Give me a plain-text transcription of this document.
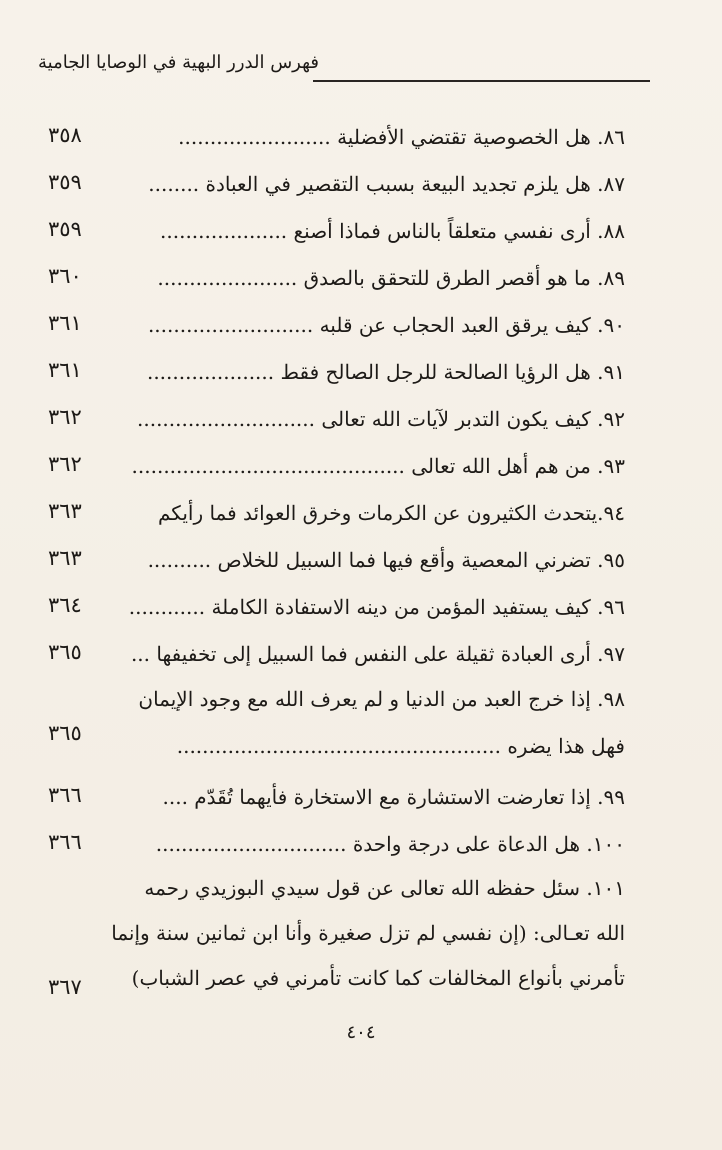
فهرس الدرر البهية في الوصايا الجامية
٨٦. هل الخصوصية تقتضي الأفضلية ........................
٣٥٨
٨٧. هل يلزم تجديد البيعة بسبب التقصير في العبادة ........
٣٥٩
٨٨. أرى نفسي متعلقاً بالناس فماذا أصنع ....................
٣٥٩
٨٩. ما هو أقصر الطرق للتحقق بالصدق ......................
٣٦٠
٩٠. كيف يرقق العبد الحجاب عن قلبه ..........................
٣٦١
٩١. هل الرؤيا الصالحة للرجل الصالح فقط ....................
٣٦١
٩٢. كيف يكون التدبر لآيات الله تعالى ............................
٣٦٢
٩٣. من هم أهل الله تعالى ...........................................
٣٦٢
٩٤.يتحدث الكثيرون عن الكرمات وخرق العوائد فما رأيكم
٣٦٣
٩٥. تضرني المعصية وأقع فيها فما السبيل للخلاص ..........
٣٦٣
٩٦. كيف يستفيد المؤمن من دينه الاستفادة الكاملة ............
٣٦٤
٩٧. أرى العبادة ثقيلة على النفس فما السبيل إلى تخفيفها ...
٣٦٥
٩٨. إذا خرج العبد من الدنيا و لم يعرف الله مع وجود الإيمان
٣٦٥
فهل هذا يضره ...................................................
٩٩. إذا تعارضت الاستشارة مع الاستخارة فأيهما تُقَدّم ....
٣٦٦
١٠٠. هل الدعاة على درجة واحدة ..............................
٣٦٦
١٠١. سئل حفظه الله تعالى عن قول سيدي البوزيدي رحمه
الله تعـالى: (إن نفسي لم تزل صغيرة وأنا ابن ثمانين سنة وإنما
تأمرني بأنواع المخالفات كما كانت تأمرني في عصر الشباب)
٣٦٧
٤٠٤
